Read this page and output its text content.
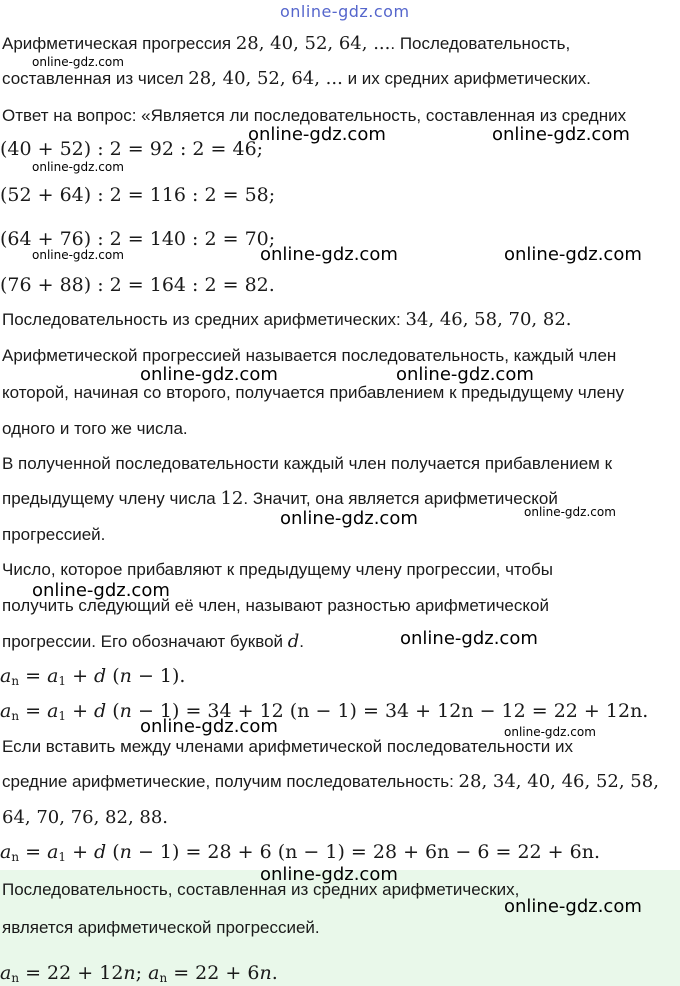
online-gdz.com
Арифметическая прогрессия 28, 40, 52, 64, .... Последовательность,
составленная из чисел 28, 40, 52, 64, ... и их средних арифметических.
Ответ на вопрос: «Является ли последовательность, составленная из средних
(40 + 52) : 2 = 92 : 2 = 46;
(52 + 64) : 2 = 116 : 2 = 58;
(64 + 76) : 2 = 140 : 2 = 70;
(76 + 88) : 2 = 164 : 2 = 82.
Последовательность из средних арифметических: 34, 46, 58, 70, 82.
Арифметической прогрессией называется последовательность, каждый член
которой, начиная со второго, получается прибавлением к предыдущему члену
одного и того же числа.
В полученной последовательности каждый член получается прибавлением к
предыдущему члену числа 12. Значит, она является арифметической
прогрессией.
Число, которое прибавляют к предыдущему члену прогрессии, чтобы
получить следующий её член, называют разностью арифметической
прогрессии. Его обозначают буквой d.
$a_n = a_1 + d$ (n − 1).
$a_n = a_1 + d$ (n − 1) = 34 + 12 (n − 1) = 34 + 12n − 12 = 22 + 12n.
Если вставить между членами арифметической последовательности их
средние арифметические, получим последовательность: 28, 34, 40, 46, 52, 58,
64, 70, 76, 82, 88.
$a_n = a_1 + d$ (n − 1) = 28 + 6 (n − 1) = 28 + 6n − 6 = 22 + 6n.
Последовательность, составленная из средних арифметических,
является арифметической прогрессией.
$a_n = 22 + 12n$; $a_n = 22 + 6n$.
online-gdz.com
online-gdz.com	online-gdz.com
online-gdz.com
online-gdz.com	online-gdz.com	online-gdz.com
online-gdz.com	online-gdz.com
online-gdz.com
online-gdz.com
online-gdz.com
online-gdz.com
online-gdz.com	online-gdz.com
online-gdz.com
online-gdz.com
